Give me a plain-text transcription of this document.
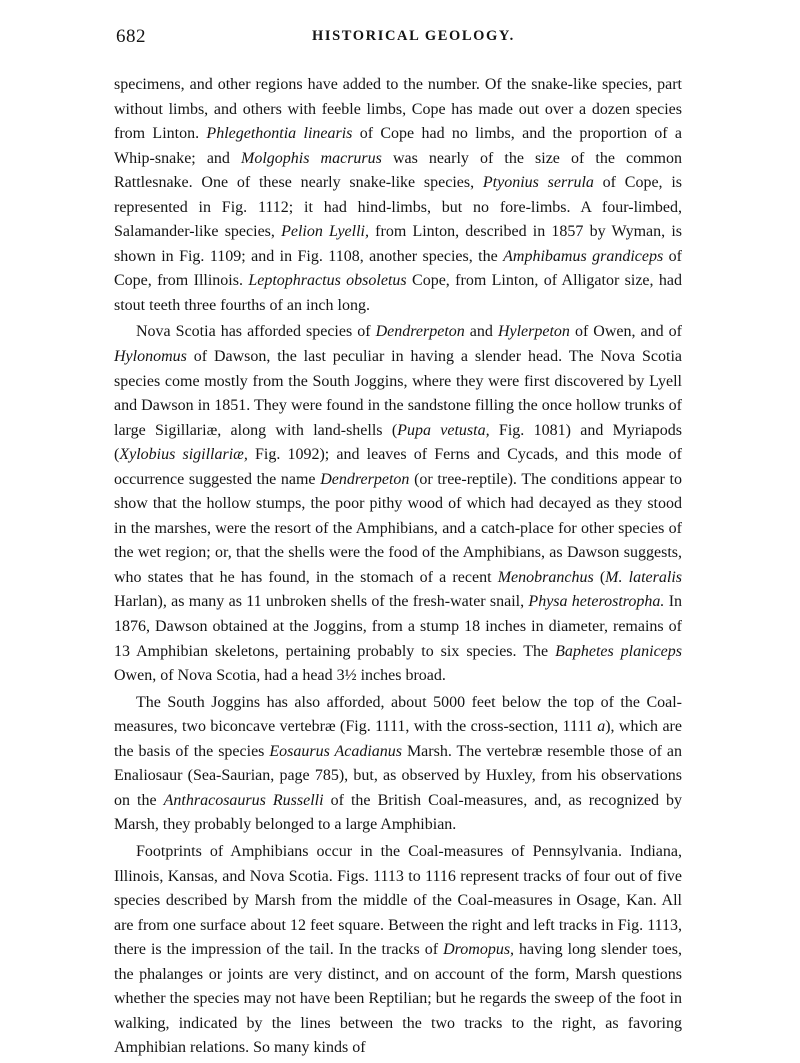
682	HISTORICAL GEOLOGY.

specimens, and other regions have added to the number. Of the snake-like species, part without limbs, and others with feeble limbs, Cope has made out over a dozen species from Linton. Phlegethontia linearis of Cope had no limbs, and the proportion of a Whip-snake; and Molgophis macrurus was nearly of the size of the common Rattlesnake. One of these nearly snake-like species, Ptyonius serrula of Cope, is represented in Fig. 1112; it had hind-limbs, but no fore-limbs. A four-limbed, Salamander-like species, Pelion Lyelli, from Linton, described in 1857 by Wyman, is shown in Fig. 1109; and in Fig. 1108, another species, the Amphibamus grandiceps of Cope, from Illinois. Leptophractus obsoletus Cope, from Linton, of Alligator size, had stout teeth three fourths of an inch long.

Nova Scotia has afforded species of Dendrerpeton and Hylerpeton of Owen, and of Hylonomus of Dawson, the last peculiar in having a slender head. The Nova Scotia species come mostly from the South Joggins, where they were first discovered by Lyell and Dawson in 1851. They were found in the sandstone filling the once hollow trunks of large Sigillariæ, along with land-shells (Pupa vetusta, Fig. 1081) and Myriapods (Xylobius sigillariæ, Fig. 1092); and leaves of Ferns and Cycads, and this mode of occurrence suggested the name Dendrerpeton (or tree-reptile). The conditions appear to show that the hollow stumps, the poor pithy wood of which had decayed as they stood in the marshes, were the resort of the Amphibians, and a catch-place for other species of the wet region; or, that the shells were the food of the Amphibians, as Dawson suggests, who states that he has found, in the stomach of a recent Menobranchus (M. lateralis Harlan), as many as 11 unbroken shells of the fresh-water snail, Physa heterostropha. In 1876, Dawson obtained at the Joggins, from a stump 18 inches in diameter, remains of 13 Amphibian skeletons, pertaining probably to six species. The Baphetes planiceps Owen, of Nova Scotia, had a head 3½ inches broad.

The South Joggins has also afforded, about 5000 feet below the top of the Coal-measures, two biconcave vertebræ (Fig. 1111, with the cross-section, 1111 a), which are the basis of the species Eosaurus Acadianus Marsh. The vertebræ resemble those of an Enaliosaur (Sea-Saurian, page 785), but, as observed by Huxley, from his observations on the Anthracosaurus Russelli of the British Coal-measures, and, as recognized by Marsh, they probably belonged to a large Amphibian.

Footprints of Amphibians occur in the Coal-measures of Pennsylvania. Indiana, Illinois, Kansas, and Nova Scotia. Figs. 1113 to 1116 represent tracks of four out of five species described by Marsh from the middle of the Coal-measures in Osage, Kan. All are from one surface about 12 feet square. Between the right and left tracks in Fig. 1113, there is the impression of the tail. In the tracks of Dromopus, having long slender toes, the phalanges or joints are very distinct, and on account of the form, Marsh questions whether the species may not have been Reptilian; but he regards the sweep of the foot in walking, indicated by the lines between the two tracks to the right, as favoring Amphibian relations. So many kinds of
